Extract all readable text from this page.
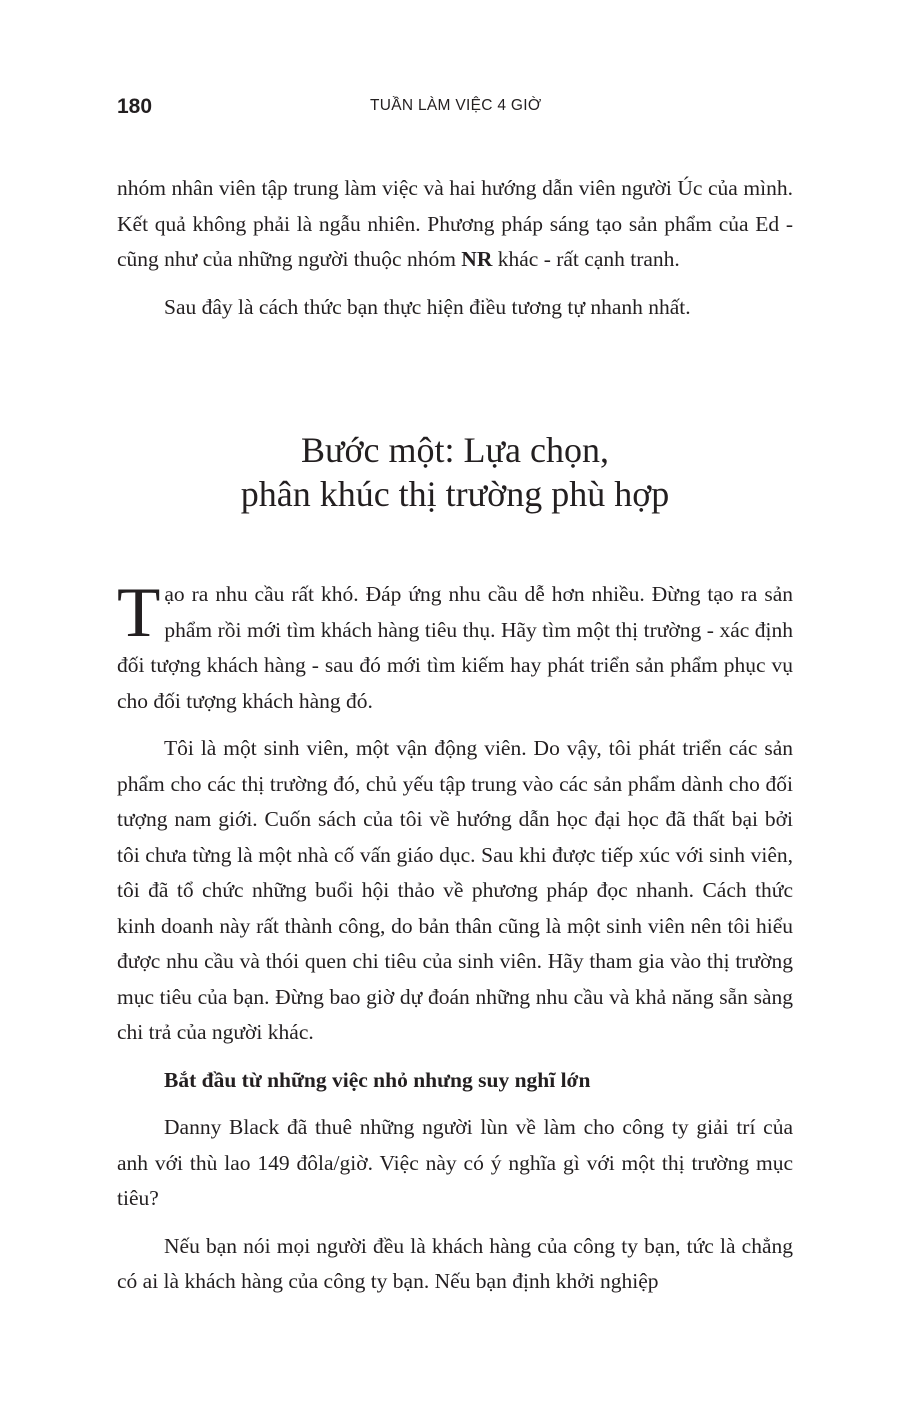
180	TUẦN LÀM VIỆC 4 GIỜ

nhóm nhân viên tập trung làm việc và hai hướng dẫn viên người Úc của mình. Kết quả không phải là ngẫu nhiên. Phương pháp sáng tạo sản phẩm của Ed - cũng như của những người thuộc nhóm NR khác - rất cạnh tranh.

Sau đây là cách thức bạn thực hiện điều tương tự nhanh nhất.

Bước một: Lựa chọn,
phân khúc thị trường phù hợp

Tạo ra nhu cầu rất khó. Đáp ứng nhu cầu dễ hơn nhiều. Đừng tạo ra sản phẩm rồi mới tìm khách hàng tiêu thụ. Hãy tìm một thị trường - xác định đối tượng khách hàng - sau đó mới tìm kiếm hay phát triển sản phẩm phục vụ cho đối tượng khách hàng đó.

Tôi là một sinh viên, một vận động viên. Do vậy, tôi phát triển các sản phẩm cho các thị trường đó, chủ yếu tập trung vào các sản phẩm dành cho đối tượng nam giới. Cuốn sách của tôi về hướng dẫn học đại học đã thất bại bởi tôi chưa từng là một nhà cố vấn giáo dục. Sau khi được tiếp xúc với sinh viên, tôi đã tổ chức những buổi hội thảo về phương pháp đọc nhanh. Cách thức kinh doanh này rất thành công, do bản thân cũng là một sinh viên nên tôi hiểu được nhu cầu và thói quen chi tiêu của sinh viên. Hãy tham gia vào thị trường mục tiêu của bạn. Đừng bao giờ dự đoán những nhu cầu và khả năng sẵn sàng chi trả của người khác.

Bắt đầu từ những việc nhỏ nhưng suy nghĩ lớn

Danny Black đã thuê những người lùn về làm cho công ty giải trí của anh với thù lao 149 đôla/giờ. Việc này có ý nghĩa gì với một thị trường mục tiêu?

Nếu bạn nói mọi người đều là khách hàng của công ty bạn, tức là chẳng có ai là khách hàng của công ty bạn. Nếu bạn định khởi nghiệp
